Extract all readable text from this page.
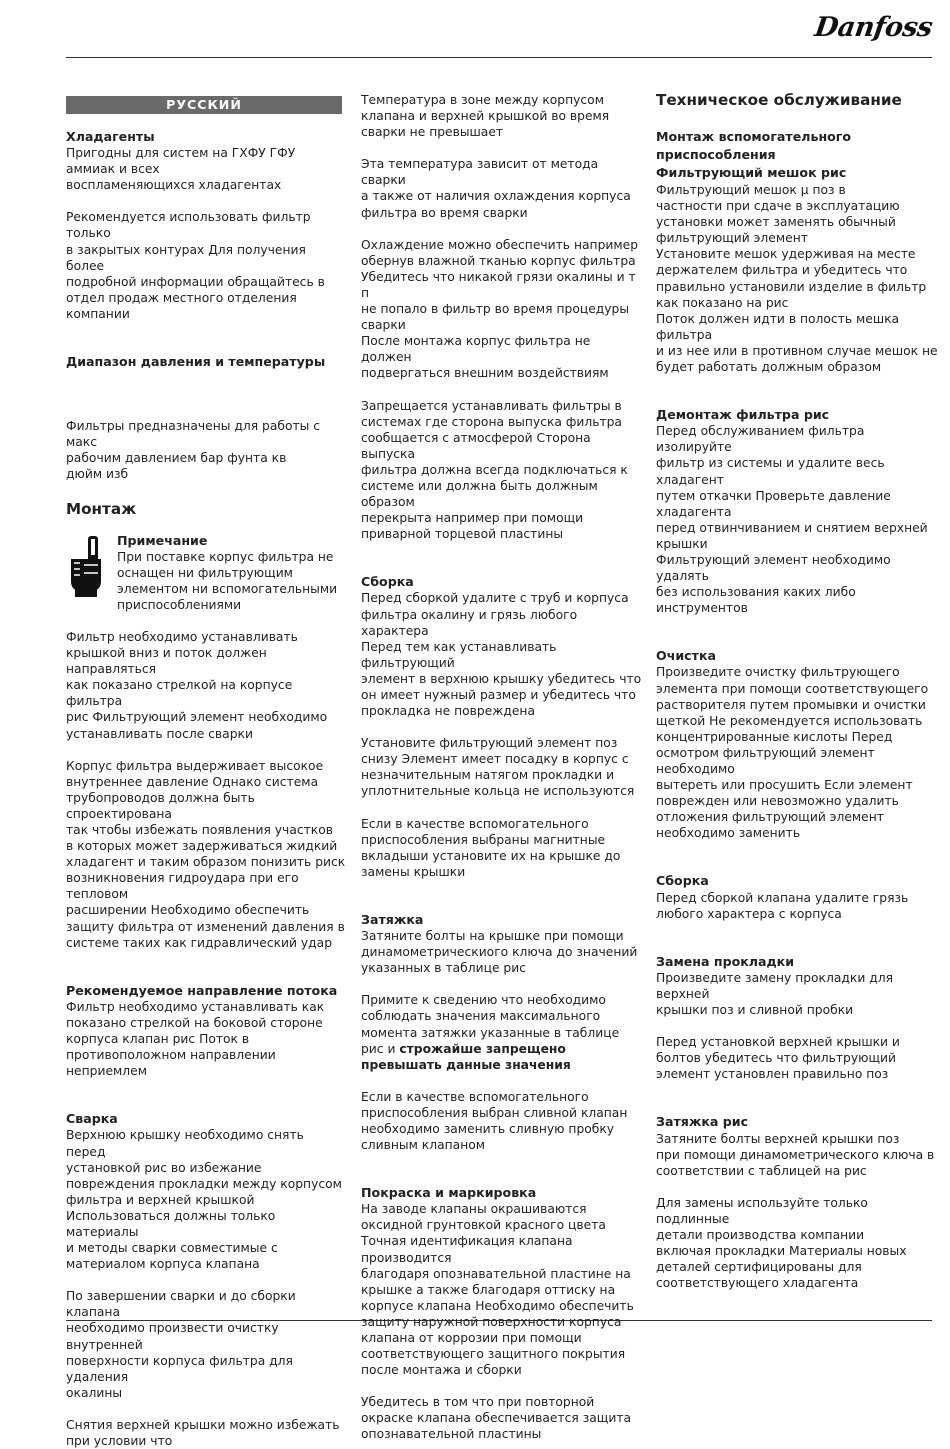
Danfoss
РУССКИЙ

Хладагенты

Пригодны для систем на ГХФУ ГФУ
аммиак и всех
воспламеняющихся хладагентах

Рекомендуется использовать фильтр только
в закрытых контурах Для получения более
подробной информации обращайтесь в
отдел продаж местного отделения компании

Диапазон давления и температуры

Фильтры предназначены для работы с макс
рабочим давлением бар фунта кв
дюйм изб

Монтаж

Примечание

При поставке корпус фильтра не
оснащен ни фильтрующим
элементом ни вспомогательными
приспособлениями

Фильтр необходимо устанавливать
крышкой вниз и поток должен направляться
как показано стрелкой на корпусе фильтра
рис Фильтрующий элемент необходимо
устанавливать после сварки

Корпус фильтра выдерживает высокое
внутреннее давление Однако система
трубопроводов должна быть спроектирована
так чтобы избежать появления участков
в которых может задерживаться жидкий
хладагент и таким образом понизить риск
возникновения гидроудара при его тепловом
расширении Необходимо обеспечить
защиту фильтра от изменений давления в
системе таких как гидравлический удар

Рекомендуемое направление потока

Фильтр необходимо устанавливать как
показано стрелкой на боковой стороне
корпуса клапан рис Поток в
противоположном направлении
неприемлем

Сварка

Верхнюю крышку необходимо снять перед
установкой рис во избежание
повреждения прокладки между корпусом
фильтра и верхней крышкой
Использоваться должны только материалы
и методы сварки совместимые с
материалом корпуса клапана

По завершении сварки и до сборки клапана
необходимо произвести очистку внутренней
поверхности корпуса фильтра для удаления
окалины

Снятия верхней крышки можно избежать
при условии что

Температура в зоне между корпусом
клапана и верхней крышкой во время
сварки не превышает

Эта температура зависит от метода сварки
а также от наличия охлаждения корпуса
фильтра во время сварки

Охлаждение можно обеспечить например
обернув влажной тканью корпус фильтра
Убедитесь что никакой грязи окалины и т п
не попало в фильтр во время процедуры
сварки
После монтажа корпус фильтра не должен
подвергаться внешним воздействиям

Запрещается устанавливать фильтры в
системах где сторона выпуска фильтра
сообщается с атмосферой Сторона выпуска
фильтра должна всегда подключаться к
системе или должна быть должным образом
перекрыта например при помощи
приварной торцевой пластины

Сборка

Перед сборкой удалите с труб и корпуса
фильтра окалину и грязь любого характера
Перед тем как устанавливать фильтрующий
элемент в верхнюю крышку убедитесь что
он имеет нужный размер и убедитесь что
прокладка не повреждена

Установите фильтрующий элемент поз
снизу Элемент имеет посадку в корпус с
незначительным натягом прокладки и
уплотнительные кольца не используются

Если в качестве вспомогательного
приспособления выбраны магнитные
вкладыши установите их на крышке до
замены крышки

Затяжка

Затяните болты на крышке при помощи
динамометрическиого ключа до значений
указанных в таблице рис

Примите к сведению что необходимо
соблюдать значения максимального
момента затяжки указанные в таблице
рис и строжайше запрещено
превышать данные значения

Если в качестве вспомогательного
приспособления выбран сливной клапан
необходимо заменить сливную пробку
сливным клапаном

Покраска и маркировка

На заводе клапаны окрашиваются
оксидной грунтовкой красного цвета
Точная идентификация клапана производится
благодаря опознавательной пластине на
крышке а также благодаря оттиску на
корпусе клапана Необходимо обеспечить
защиту наружной поверхности корпуса
клапана от коррозии при помощи
соответствующего защитного покрытия
после монтажа и сборки

Убедитесь в том что при повторной
окраске клапана обеспечивается защита
опознавательной пластины

Техническое обслуживание

Монтаж вспомогательного
приспособления
Фильтрующий мешок рис

Фильтрующий мешок μ поз в
частности при сдаче в эксплуатацию
установки может заменять обычный
фильтрующий элемент
Установите мешок удерживая на месте
держателем фильтра и убедитесь что
правильно установили изделие в фильтр
как показано на рис
Поток должен идти в полость мешка фильтра
и из нее или в противном случае мешок не
будет работать должным образом

Демонтаж фильтра рис

Перед обслуживанием фильтра изолируйте
фильтр из системы и удалите весь хладагент
путем откачки Проверьте давление хладагента
перед отвинчиванием и снятием верхней
крышки
Фильтрующий элемент необходимо удалять
без использования каких либо инструментов

Очистка

Произведите очистку фильтрующего
элемента при помощи соответствующего
растворителя путем промывки и очистки
щеткой Не рекомендуется использовать
концентрированные кислоты Перед
осмотром фильтрующий элемент необходимо
вытереть или просушить Если элемент
поврежден или невозможно удалить
отложения фильтрующий элемент
необходимо заменить

Сборка

Перед сборкой клапана удалите грязь
любого характера с корпуса

Замена прокладки

Произведите замену прокладки для верхней
крышки поз и сливной пробки

Перед установкой верхней крышки и
болтов убедитесь что фильтрующий
элемент установлен правильно поз

Затяжка рис

Затяните болты верхней крышки поз
при помощи динамометрического ключа в
соответствии с таблицей на рис

Для замены используйте только подлинные
детали производства компании
включая прокладки Материалы новых
деталей сертифицированы для
соответствующего хладагента
